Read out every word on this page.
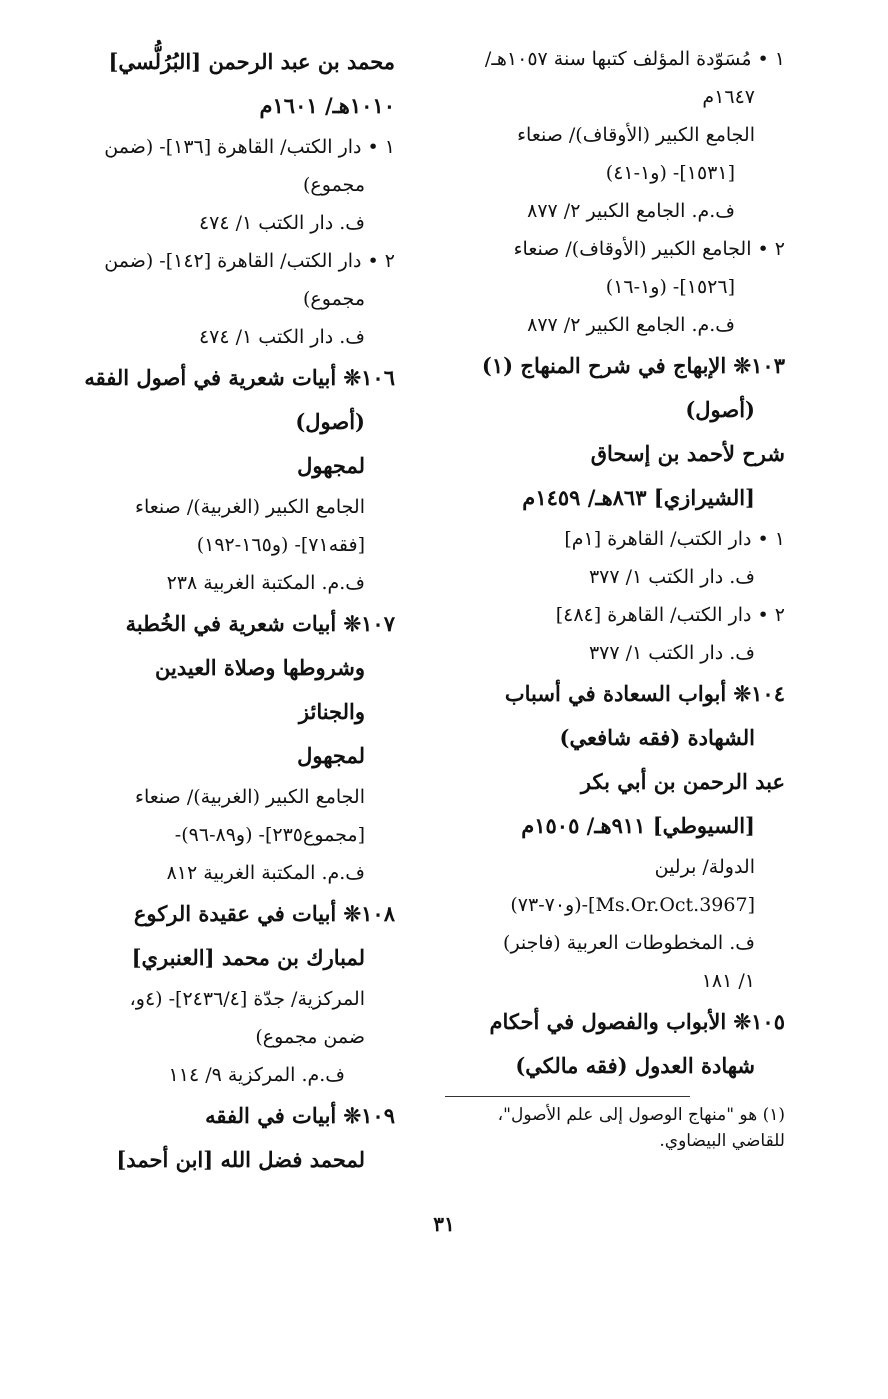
١ • مُسَوّدة المؤلف كتبها سنة ١٠٥٧هـ/
١٦٤٧م
الجامع الكبير (الأوقاف)/ صنعاء
[١٥٣١]- (و١-٤١)
ف.م. الجامع الكبير ٢/ ٨٧٧
٢ • الجامع الكبير (الأوقاف)/ صنعاء
[١٥٢٦]- (و١-١٦)
ف.م. الجامع الكبير ٢/ ٨٧٧
١٠٣❊ الإبهاج في شرح المنهاج (١)
(أصول)
شرح لأحمد بن إسحاق
[الشيرازي] ٨٦٣هـ/ ١٤٥٩م
١ • دار الكتب/ القاهرة [١م]
ف. دار الكتب ١/ ٣٧٧
٢ • دار الكتب/ القاهرة [٤٨٤]
ف. دار الكتب ١/ ٣٧٧
١٠٤❊ أبواب السعادة في أسباب
الشهادة (فقه شافعي)
عبد الرحمن بن أبي بكر
[السيوطي] ٩١١هـ/ ١٥٠٥م
الدولة/ برلين
[Ms.Or.Oct.3967]-(و٧٠-٧٣)
ف. المخطوطات العربية (فاجنر)
١/ ١٨١
١٠٥❊ الأبواب والفصول في أحكام
شهادة العدول (فقه مالكي)
محمد بن عبد الرحمن [البُرُلُّسي]
١٠١٠هـ/ ١٦٠١م
١ • دار الكتب/ القاهرة [١٣٦]- (ضمن
مجموع)
ف. دار الكتب ١/ ٤٧٤
٢ • دار الكتب/ القاهرة [١٤٢]- (ضمن
مجموع)
ف. دار الكتب ١/ ٤٧٤
١٠٦❊ أبيات شعرية في أصول الفقه
(أصول)
لمجهول
الجامع الكبير (الغربية)/ صنعاء
[فقه٧١]- (و١٦٥-١٩٢)
ف.م. المكتبة الغربية ٢٣٨
١٠٧❊ أبيات شعرية في الخُطبة
وشروطها وصلاة العيدين
والجنائز
لمجهول
الجامع الكبير (الغربية)/ صنعاء
[مجموع٢٣٥]- (و٨٩-٩٦)-
ف.م. المكتبة الغربية ٨١٢
١٠٨❊ أبيات في عقيدة الركوع
لمبارك بن محمد [العنبري]
المركزية/ جدّة [٢٤٣٦/٤]- (٤و،
ضمن مجموع)
ف.م. المركزية ٩/ ١١٤
١٠٩❊ أبيات في الفقه
لمحمد فضل الله [ابن أحمد]
(١) هو "منهاج الوصول إلى علم الأصول"، للقاضي البيضاوي.
٣١
